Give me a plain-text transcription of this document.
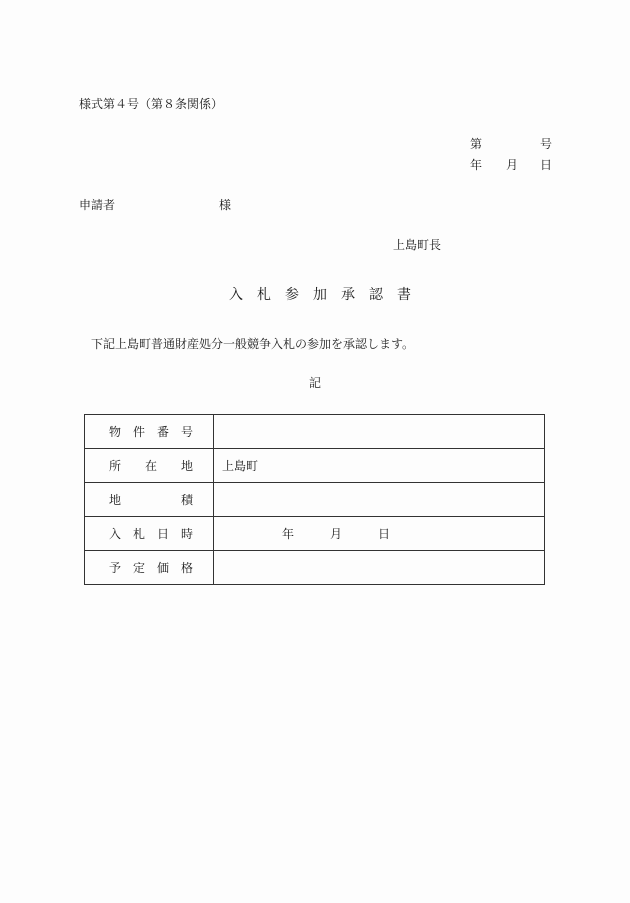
様式第４号（第８条関係）
第	号
年 月 日
申請者	様
上島町長
入　札　参　加　承　認　書
下記上島町普通財産処分一般競争入札の参加を承認します。
記
物　件　番　号	
所　　在　　地	上島町
地　　　　　積	
入　札　日　時	　　　　　年　　　月　　　日
予　定　価　格	
